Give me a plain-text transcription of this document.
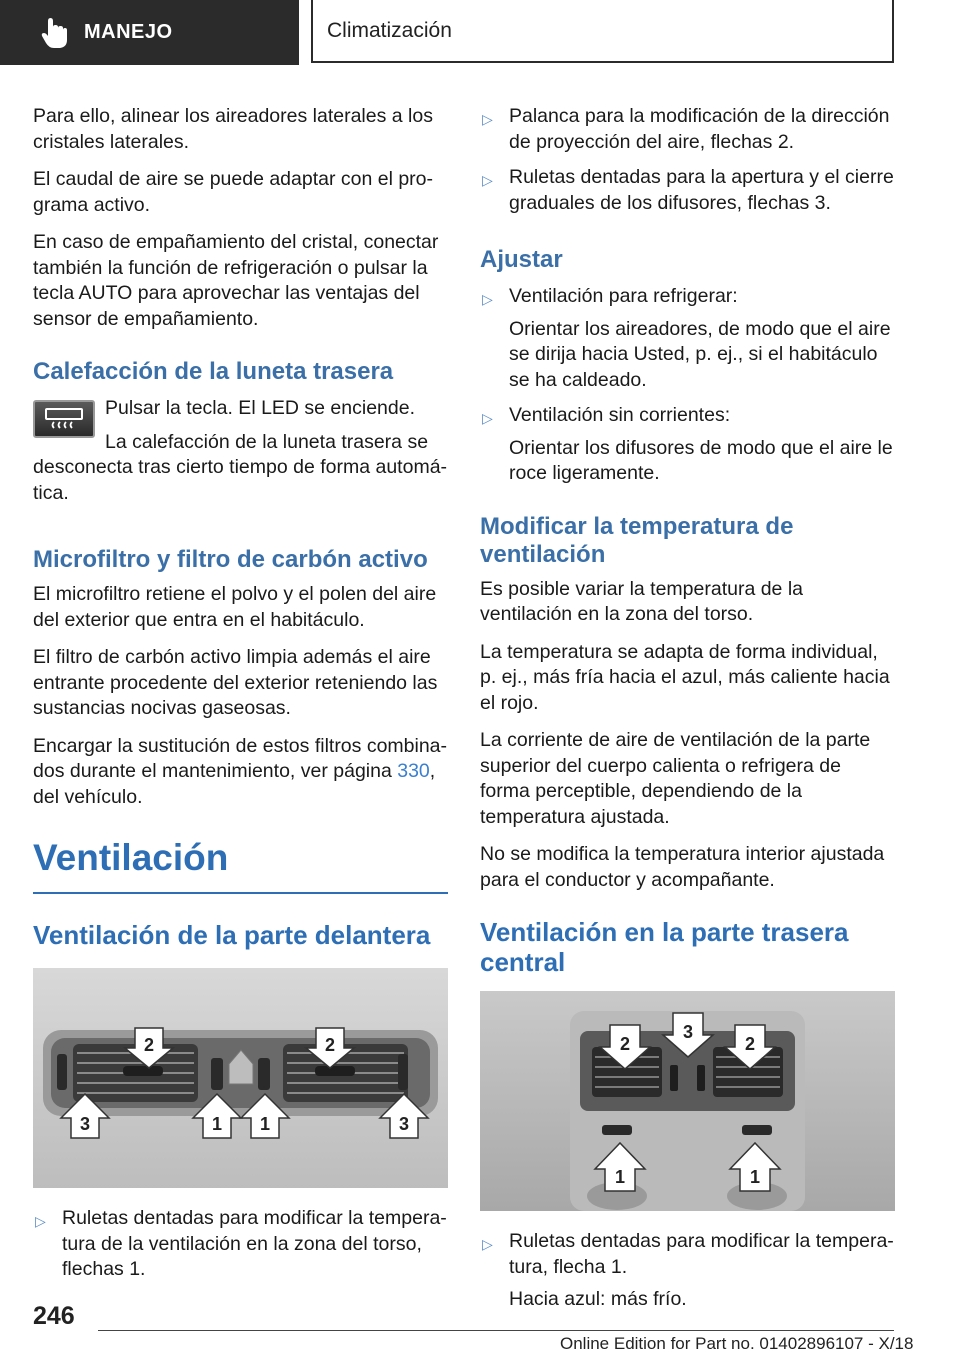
MANEJO	Climatización

Para ello, alinear los aireadores laterales a los cristales laterales.

El caudal de aire se puede adaptar con el programa activo.

En caso de empañamiento del cristal, conectar también la función de refrigeración o pulsar la tecla AUTO para aprovechar las ventajas del sensor de empañamiento.

Calefacción de la luneta trasera

Pulsar la tecla. El LED se enciende.

La calefacción de la luneta trasera se desconecta tras cierto tiempo de forma automática.

Microfiltro y filtro de carbón activo

El microfiltro retiene el polvo y el polen del aire del exterior que entra en el habitáculo.

El filtro de carbón activo limpia además el aire entrante procedente del exterior reteniendo las sustancias nocivas gaseosas.

Encargar la sustitución de estos filtros combinados durante el mantenimiento, ver página 330, del vehículo.

Ventilación
Ventilación de la parte delantera
2	2
3	1 1	3
▷ Ruletas dentadas para modificar la temperatura de la ventilación en la zona del torso, flechas 1.
▷ Palanca para la modificación de la dirección de proyección del aire, flechas 2.
▷ Ruletas dentadas para la apertura y el cierre graduales de los difusores, flechas 3.
Ajustar
▷ Ventilación para refrigerar:
Orientar los aireadores, de modo que el aire se dirija hacia Usted, p. ej., si el habitáculo se ha caldeado.
▷ Ventilación sin corrientes:
Orientar los difusores de modo que el aire le roce ligeramente.
Modificar la temperatura de ventilación

Es posible variar la temperatura de la ventilación en la zona del torso.

La temperatura se adapta de forma individual, p. ej., más fría hacia el azul, más caliente hacia el rojo.

La corriente de aire de ventilación de la parte superior del cuerpo calienta o refrigera de forma perceptible, dependiendo de la temperatura ajustada.

No se modifica la temperatura interior ajustada para el conductor y acompañante.

Ventilación en la parte trasera central
2
3
2
1	1
▷ Ruletas dentadas para modificar la temperatura, flecha 1.
Hacia azul: más frío.
246
Online Edition for Part no. 01402896107 - X/18
